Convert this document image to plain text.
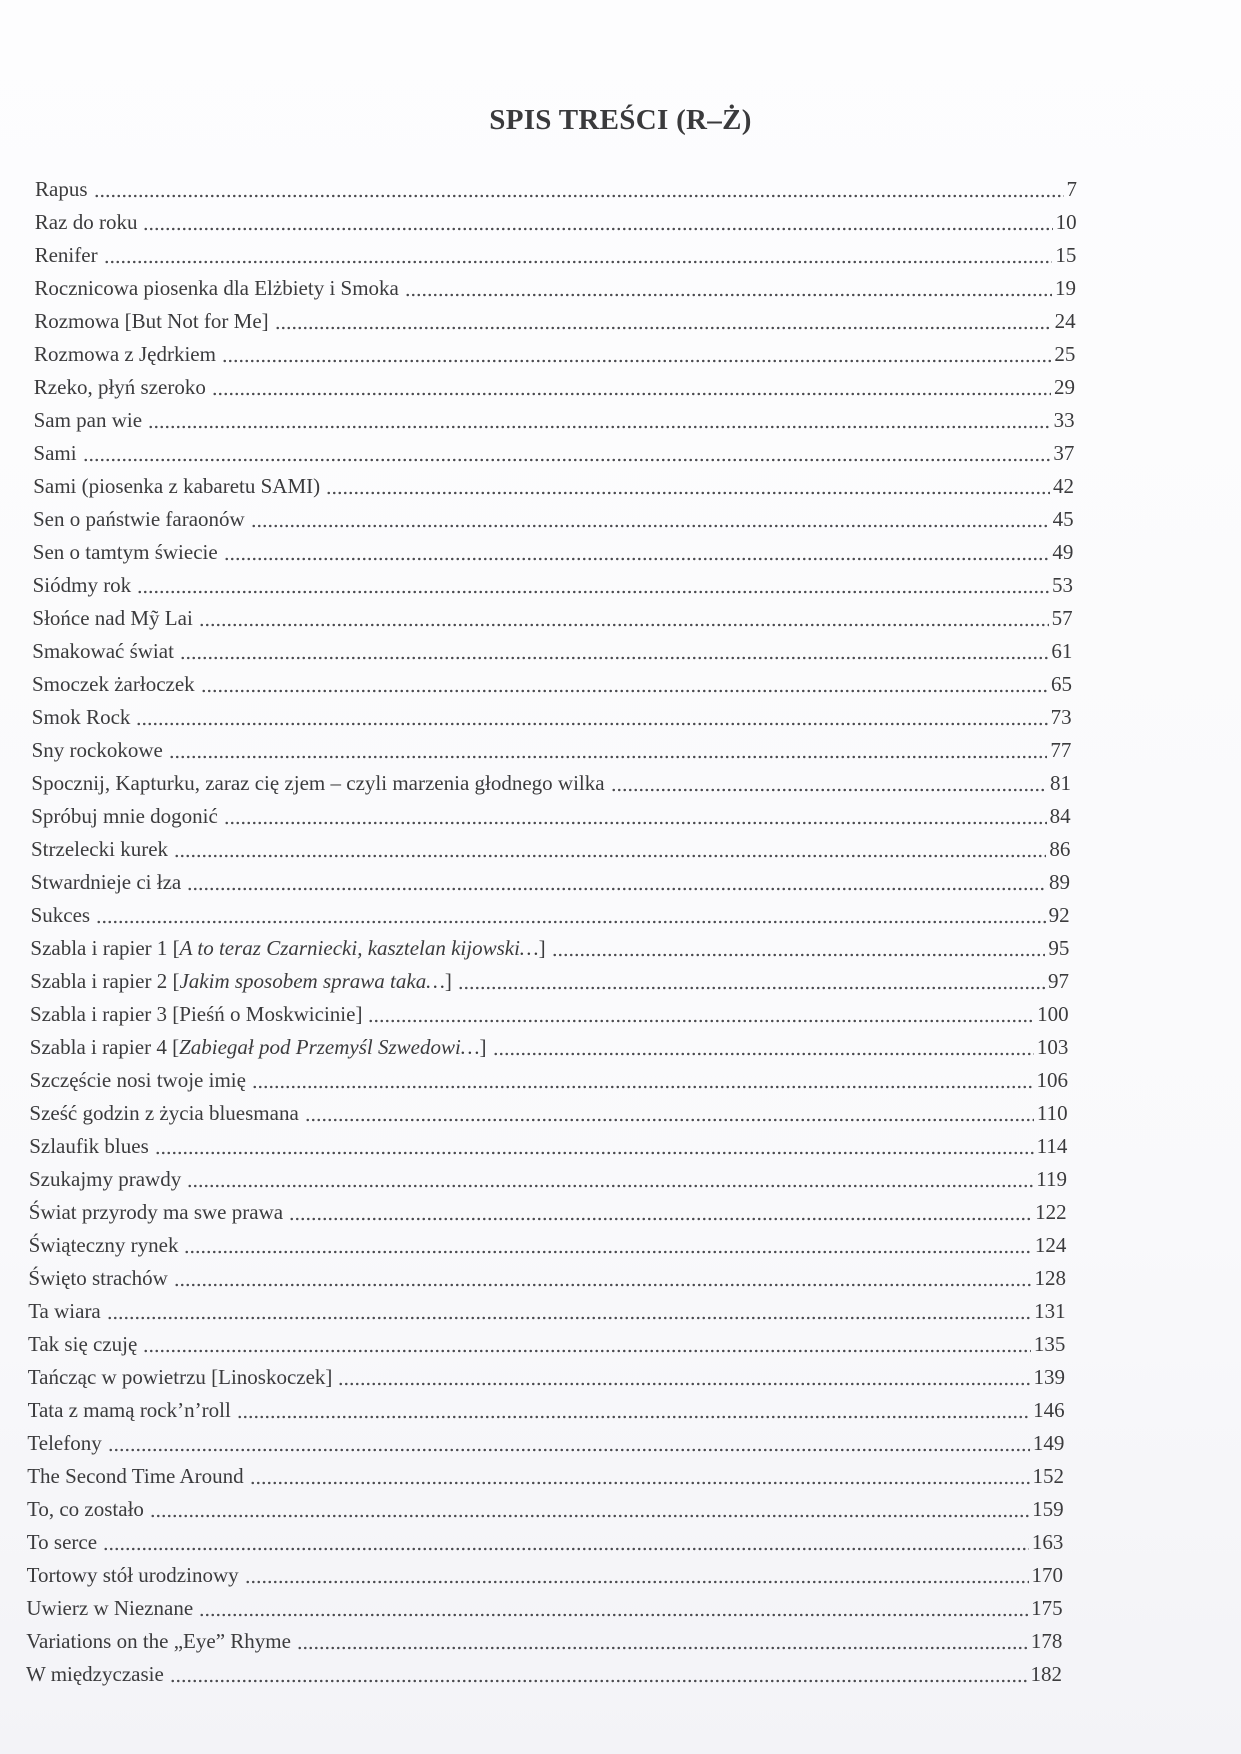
SPIS TREŚCI (R–Ż)
Rapus	7
Raz do roku	10
Renifer	15
Rocznicowa piosenka dla Elżbiety i Smoka	19
Rozmowa [But Not for Me]	24
Rozmowa z Jędrkiem	25
Rzeko, płyń szeroko	29
Sam pan wie	33
Sami	37
Sami (piosenka z kabaretu SAMI)	42
Sen o państwie faraonów	45
Sen o tamtym świecie	49
Siódmy rok	53
Słońce nad Mỹ Lai	57
Smakować świat	61
Smoczek żarłoczek	65
Smok Rock	73
Sny rockokowe	77
Spocznij, Kapturku, zaraz cię zjem – czyli marzenia głodnego wilka	81
Spróbuj mnie dogonić	84
Strzelecki kurek	86
Stwardnieje ci łza	89
Sukces	92
Szabla i rapier 1 [A to teraz Czarniecki, kasztelan kijowski…]	95
Szabla i rapier 2 [Jakim sposobem sprawa taka…]	97
Szabla i rapier 3 [Pieśń o Moskwicinie]	100
Szabla i rapier 4 [Zabiegał pod Przemyśl Szwedowi…]	103
Szczęście nosi twoje imię	106
Sześć godzin z życia bluesmana	110
Szlaufik blues	114
Szukajmy prawdy	119
Świat przyrody ma swe prawa	122
Świąteczny rynek	124
Święto strachów	128
Ta wiara	131
Tak się czuję	135
Tańcząc w powietrzu [Linoskoczek]	139
Tata z mamą rock’n’roll	146
Telefony	149
The Second Time Around	152
To, co zostało	159
To serce	163
Tortowy stół urodzinowy	170
Uwierz w Nieznane	175
Variations on the „Eye” Rhyme	178
W międzyczasie	182
